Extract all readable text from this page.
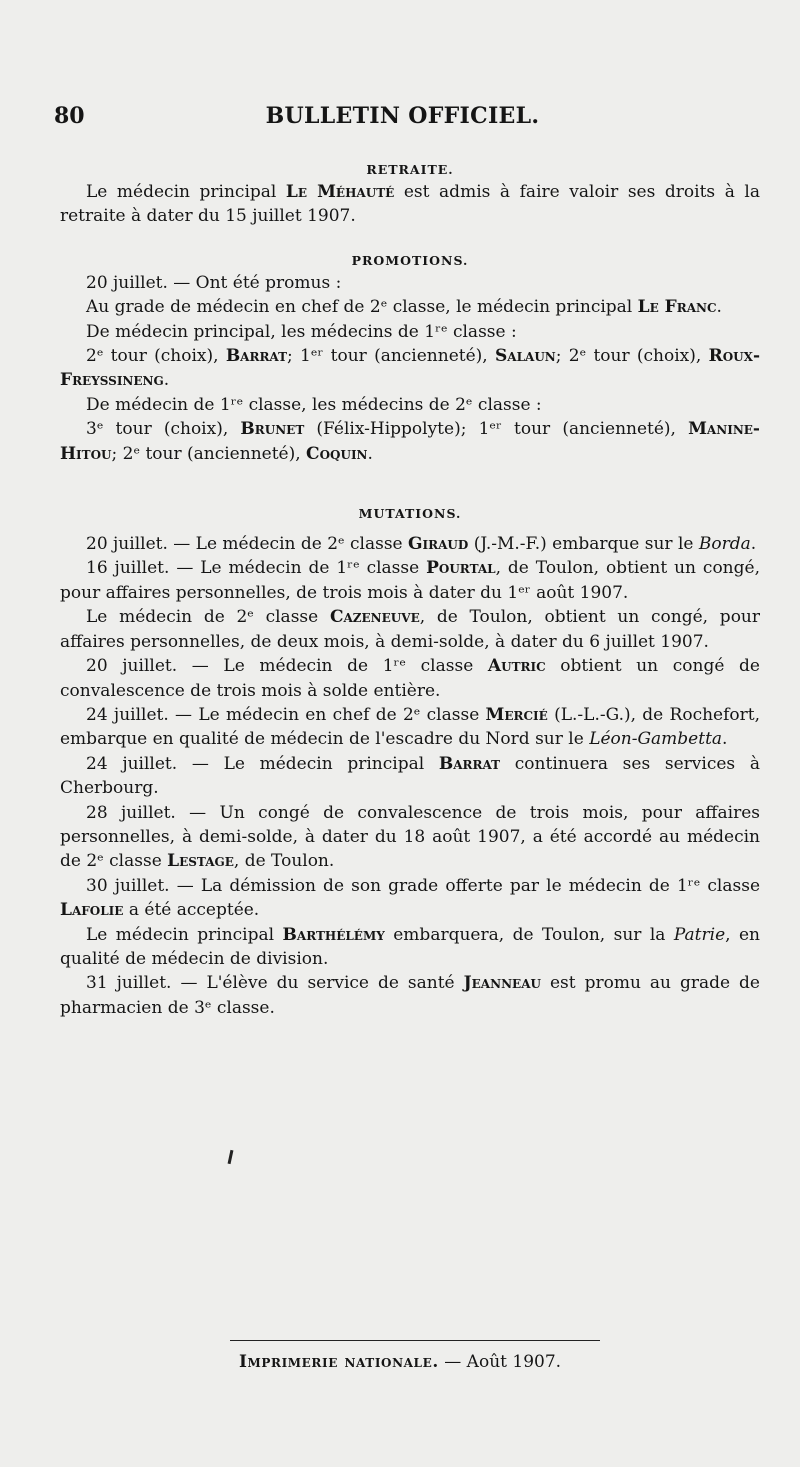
80	BULLETIN OFFICIEL.
RETRAITE.

Le médecin principal Le Méhauté est admis à faire valoir ses droits à la retraite à dater du 15 juillet 1907.

PROMOTIONS.

20 juillet. — Ont été promus :

Au grade de médecin en chef de 2ᵉ classe, le médecin principal Le Franc.

De médecin principal, les médecins de 1ʳᵉ classe :

2ᵉ tour (choix), Barrat; 1ᵉʳ tour (ancienneté), Salaun; 2ᵉ tour (choix), Roux-Freyssineng.

De médecin de 1ʳᵉ classe, les médecins de 2ᵉ classe :

3ᵉ tour (choix), Brunet (Félix-Hippolyte); 1ᵉʳ tour (ancienneté), Manine-Hitou; 2ᵉ tour (ancienneté), Coquin.

MUTATIONS.

20 juillet. — Le médecin de 2ᵉ classe Giraud (J.-M.-F.) embarque sur le Borda.

16 juillet. — Le médecin de 1ʳᵉ classe Pourtal, de Toulon, obtient un congé, pour affaires personnelles, de trois mois à dater du 1ᵉʳ août 1907.

Le médecin de 2ᵉ classe Cazeneuve, de Toulon, obtient un congé, pour affaires personnelles, de deux mois, à demi-solde, à dater du 6 juillet 1907.

20 juillet. — Le médecin de 1ʳᵉ classe Autric obtient un congé de convalescence de trois mois à solde entière.

24 juillet. — Le médecin en chef de 2ᵉ classe Mercié (L.-L.-G.), de Rochefort, embarque en qualité de médecin de l'escadre du Nord sur le Léon-Gambetta.

24 juillet. — Le médecin principal Barrat continuera ses services à Cherbourg.

28 juillet. — Un congé de convalescence de trois mois, pour affaires personnelles, à demi-solde, à dater du 18 août 1907, a été accordé au médecin de 2ᵉ classe Lestage, de Toulon.

30 juillet. — La démission de son grade offerte par le médecin de 1ʳᵉ classe Lafolie a été acceptée.

Le médecin principal Barthélémy embarquera, de Toulon, sur la Patrie, en qualité de médecin de division.

31 juillet. — L'élève du service de santé Jeanneau est promu au grade de pharmacien de 3ᵉ classe.

Imprimerie nationale. — Août 1907.
